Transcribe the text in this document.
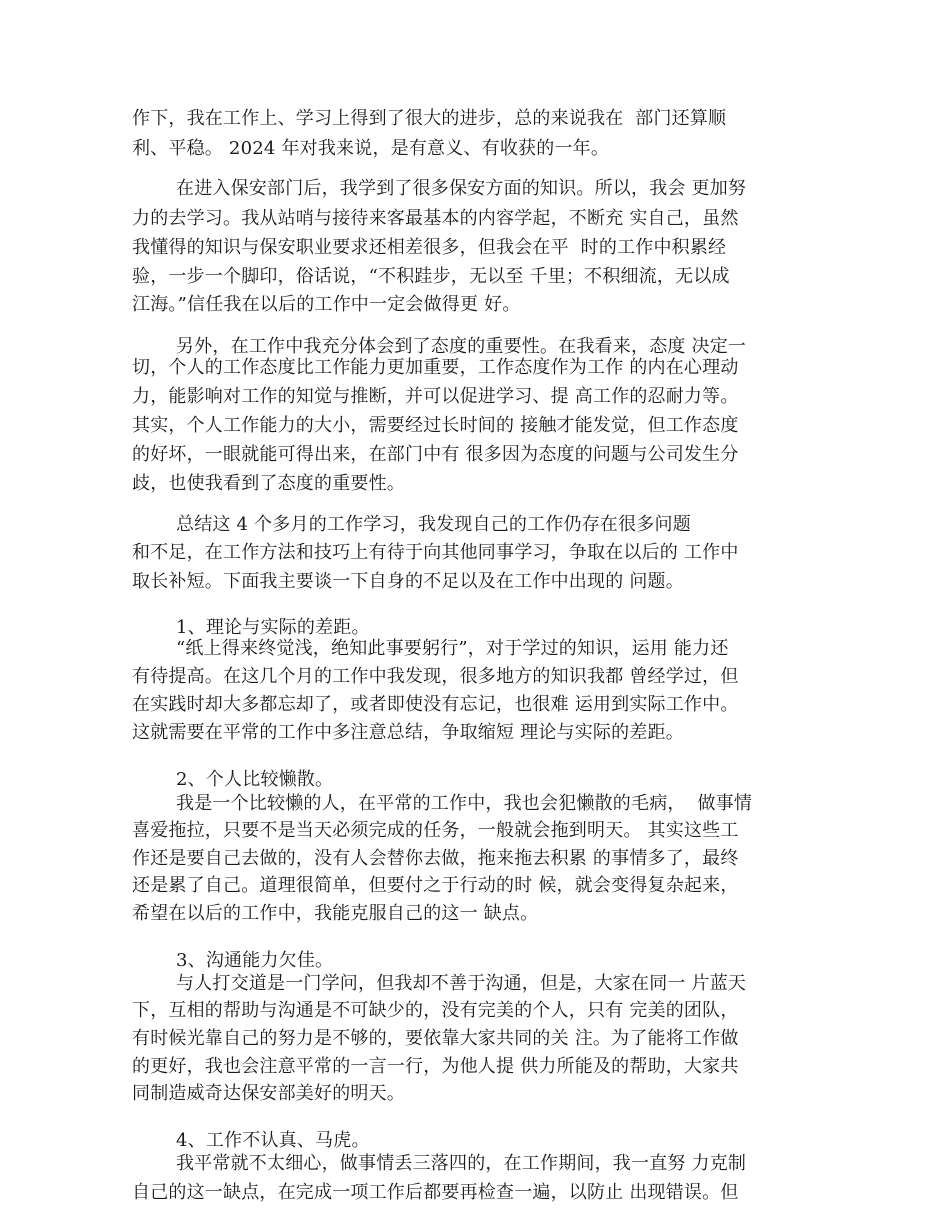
作下，我在工作上、学习上得到了很大的进步，总的来说我在  部门还算顺
利、平稳。 2024 年对我来说，是有意义、有收获的一年。
在进入保安部门后，我学到了很多保安方面的知识。所以，我会 更加努
力的去学习。我从站哨与接待来客最基本的内容学起，不断充 实自己，虽然
我懂得的知识与保安职业要求还相差很多，但我会在平  时的工作中积累经
验，一步一个脚印，俗话说，“不积跬步，无以至 千里；不积细流，无以成
江海。”信任我在以后的工作中一定会做得更 好。
另外，在工作中我充分体会到了态度的重要性。在我看来，态度 决定一
切，个人的工作态度比工作能力更加重要，工作态度作为工作 的内在心理动
力，能影响对工作的知觉与推断，并可以促进学习、提 高工作的忍耐力等。
其实，个人工作能力的大小，需要经过长时间的 接触才能发觉，但工作态度
的好坏，一眼就能可得出来，在部门中有 很多因为态度的问题与公司发生分
歧，也使我看到了态度的重要性。
总结这 4 个多月的工作学习，我发现自己的工作仍存在很多问题
和不足，在工作方法和技巧上有待于向其他同事学习，争取在以后的 工作中
取长补短。下面我主要谈一下自身的不足以及在工作中出现的 问题。
1、理论与实际的差距。
“纸上得来终觉浅，绝知此事要躬行”，对于学过的知识，运用 能力还
有待提高。在这几个月的工作中我发现，很多地方的知识我都 曾经学过，但
在实践时却大多都忘却了，或者即使没有忘记，也很难 运用到实际工作中。
这就需要在平常的工作中多注意总结，争取缩短 理论与实际的差距。
2、个人比较懒散。
我是一个比较懒的人，在平常的工作中，我也会犯懒散的毛病，  做事情
喜爱拖拉，只要不是当天必须完成的任务，一般就会拖到明天。 其实这些工
作还是要自己去做的，没有人会替你去做，拖来拖去积累 的事情多了，最终
还是累了自己。道理很简单，但要付之于行动的时 候，就会变得复杂起来，
希望在以后的工作中，我能克服自己的这一 缺点。
3、沟通能力欠佳。
与人打交道是一门学问，但我却不善于沟通，但是，大家在同一 片蓝天
下，互相的帮助与沟通是不可缺少的，没有完美的个人，只有 完美的团队，
有时候光靠自己的努力是不够的，要依靠大家共同的关 注。为了能将工作做
的更好，我也会注意平常的一言一行，为他人提 供力所能及的帮助，大家共
同制造威奇达保安部美好的明天。
4、工作不认真、马虎。
我平常就不太细心，做事情丢三落四的，在工作期间，我一直努 力克制
自己的这一缺点，在完成一项工作后都要再检查一遍，以防止 出现错误。但
